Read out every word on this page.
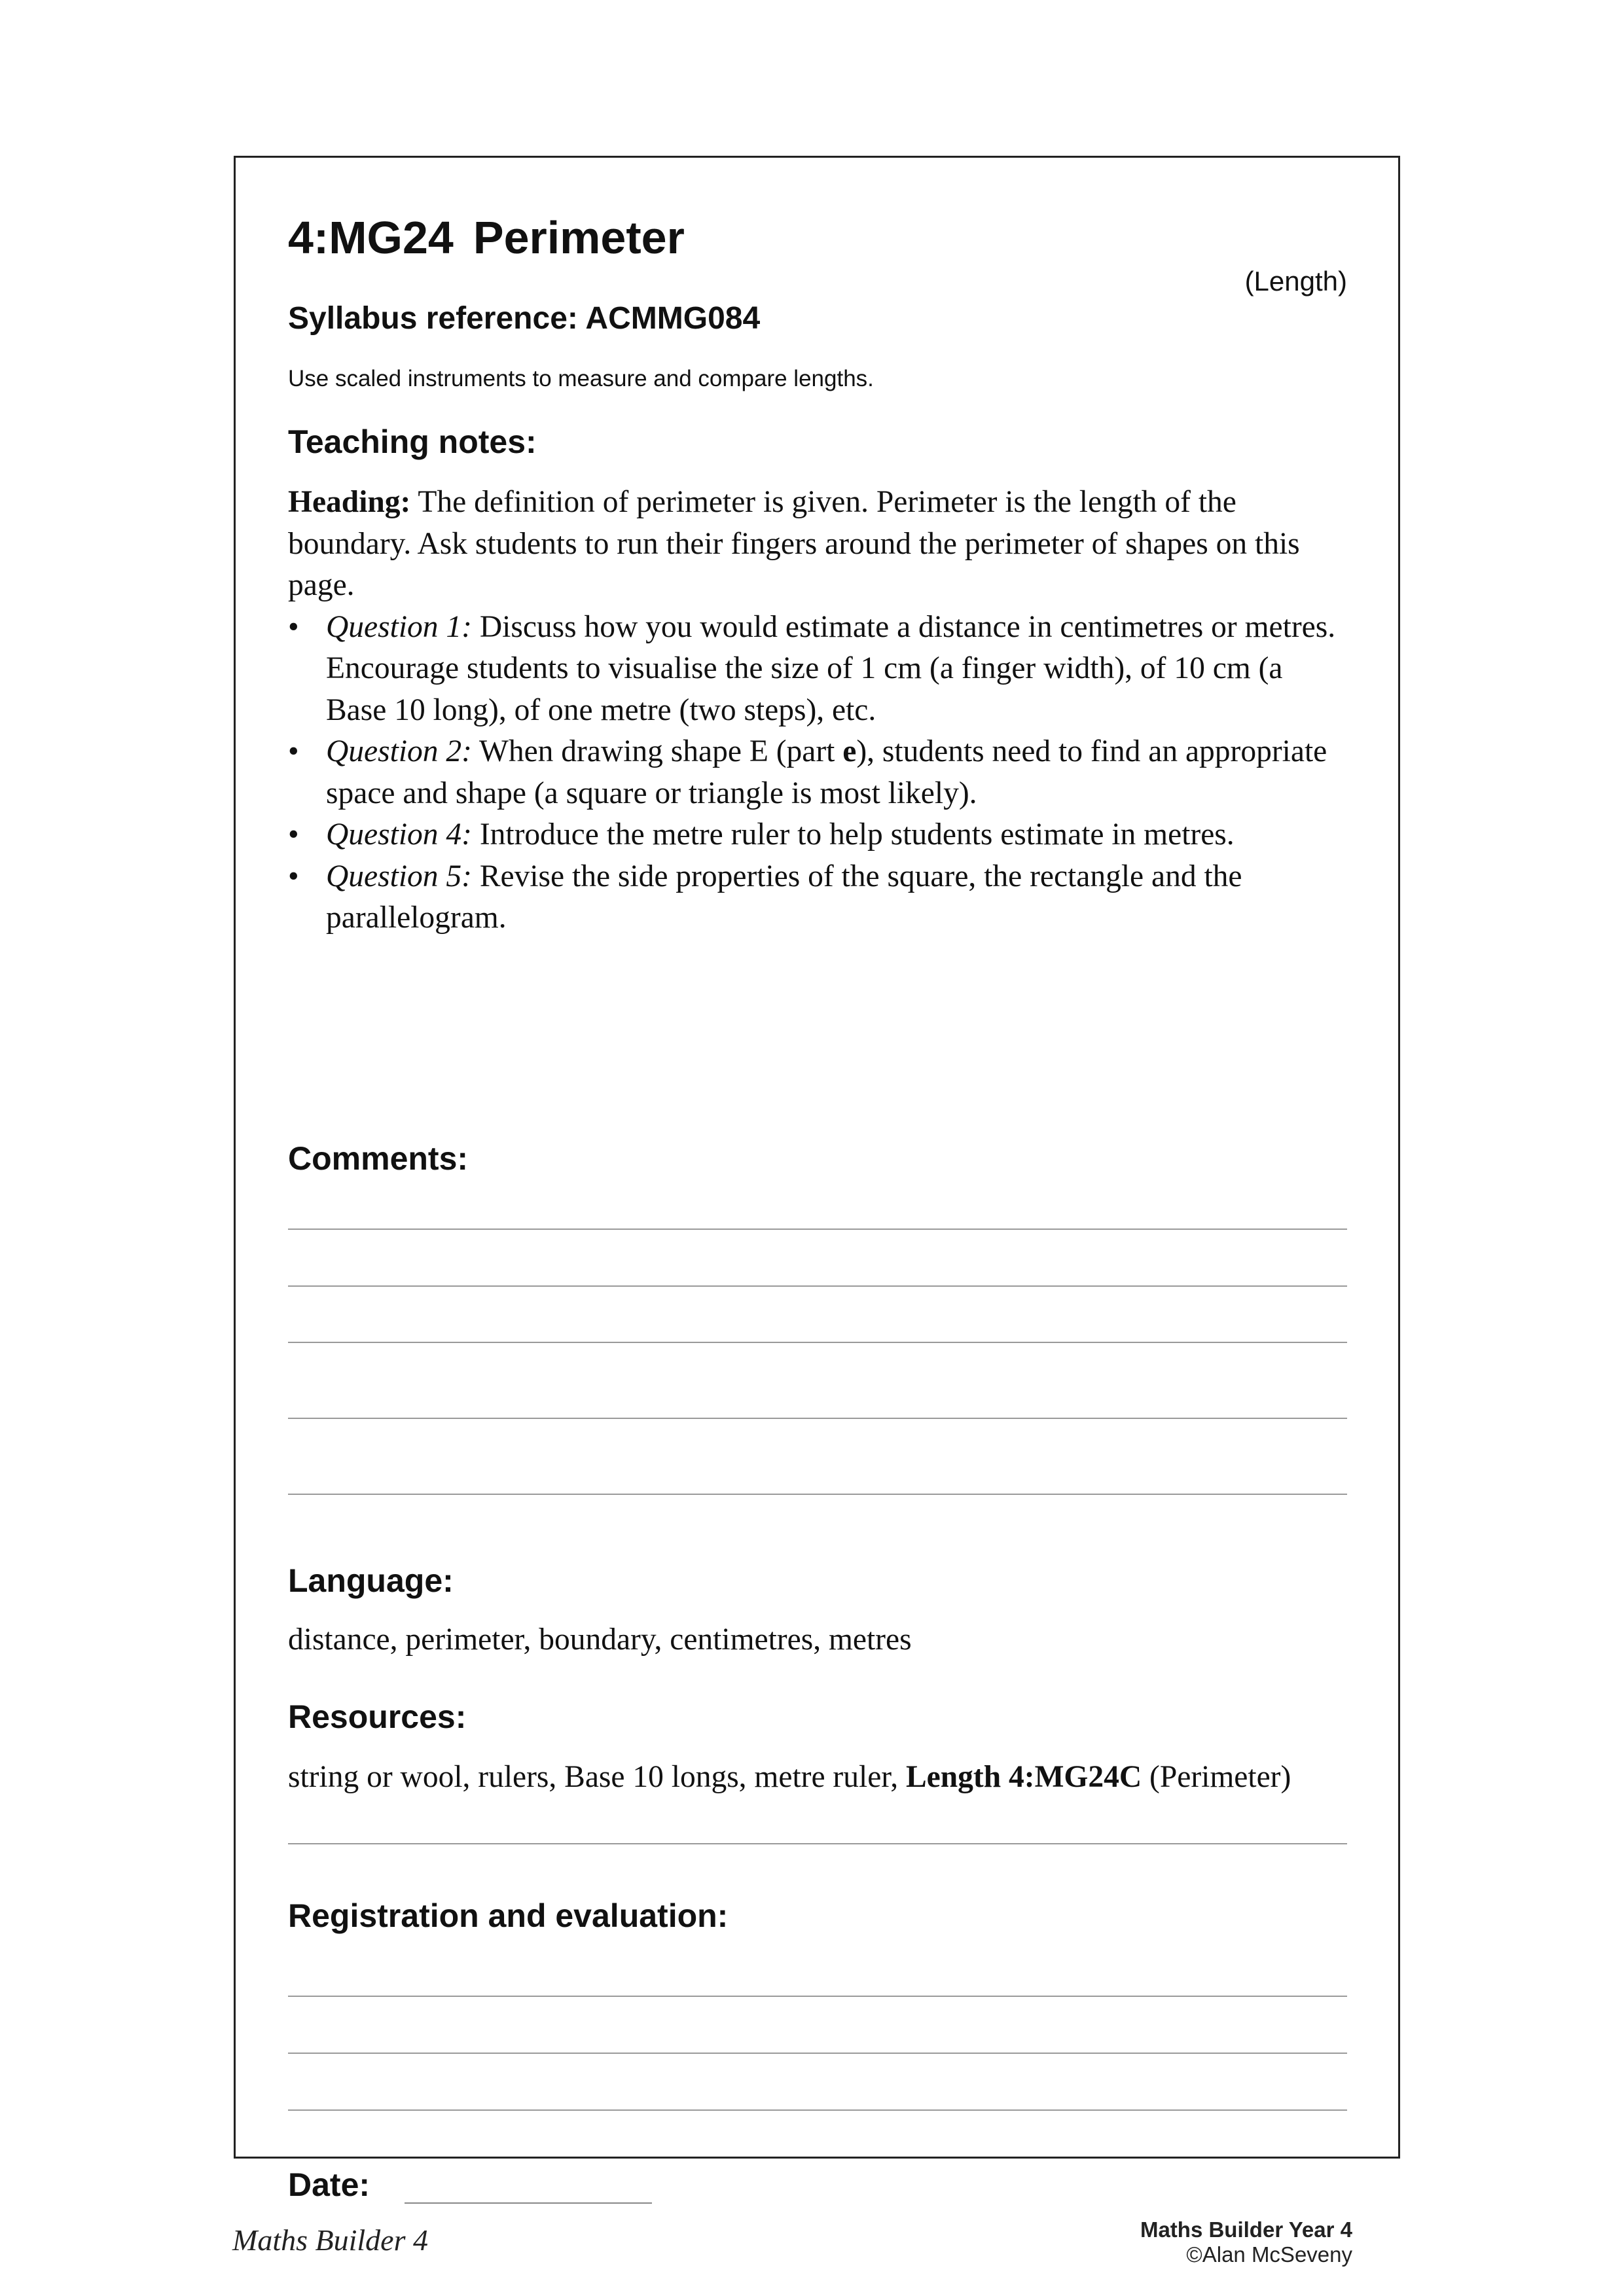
4:MG24 Perimeter
(Length)
Syllabus reference: ACMMG084
Use scaled instruments to measure and compare lengths.
Teaching notes:

Heading: The definition of perimeter is given. Perimeter is the length of the boundary. Ask students to run their fingers around the perimeter of shapes on this page.

• Question 1: Discuss how you would estimate a distance in centimetres or metres. Encourage students to visualise the size of 1 cm (a finger width), of 10 cm (a Base 10 long), of one metre (two steps), etc.
• Question 2: When drawing shape E (part e), students need to find an appropriate space and shape (a square or triangle is most likely).
• Question 4: Introduce the metre ruler to help students estimate in metres.
• Question 5: Revise the side properties of the square, the rectangle and the parallelogram.
Comments:
Language:
distance, perimeter, boundary, centimetres, metres
Resources:
string or wool, rulers, Base 10 longs, metre ruler, Length 4:MG24C (Perimeter)
Registration and evaluation:
Date:
Maths Builder 4	Maths Builder Year 4
©Alan McSeveny
